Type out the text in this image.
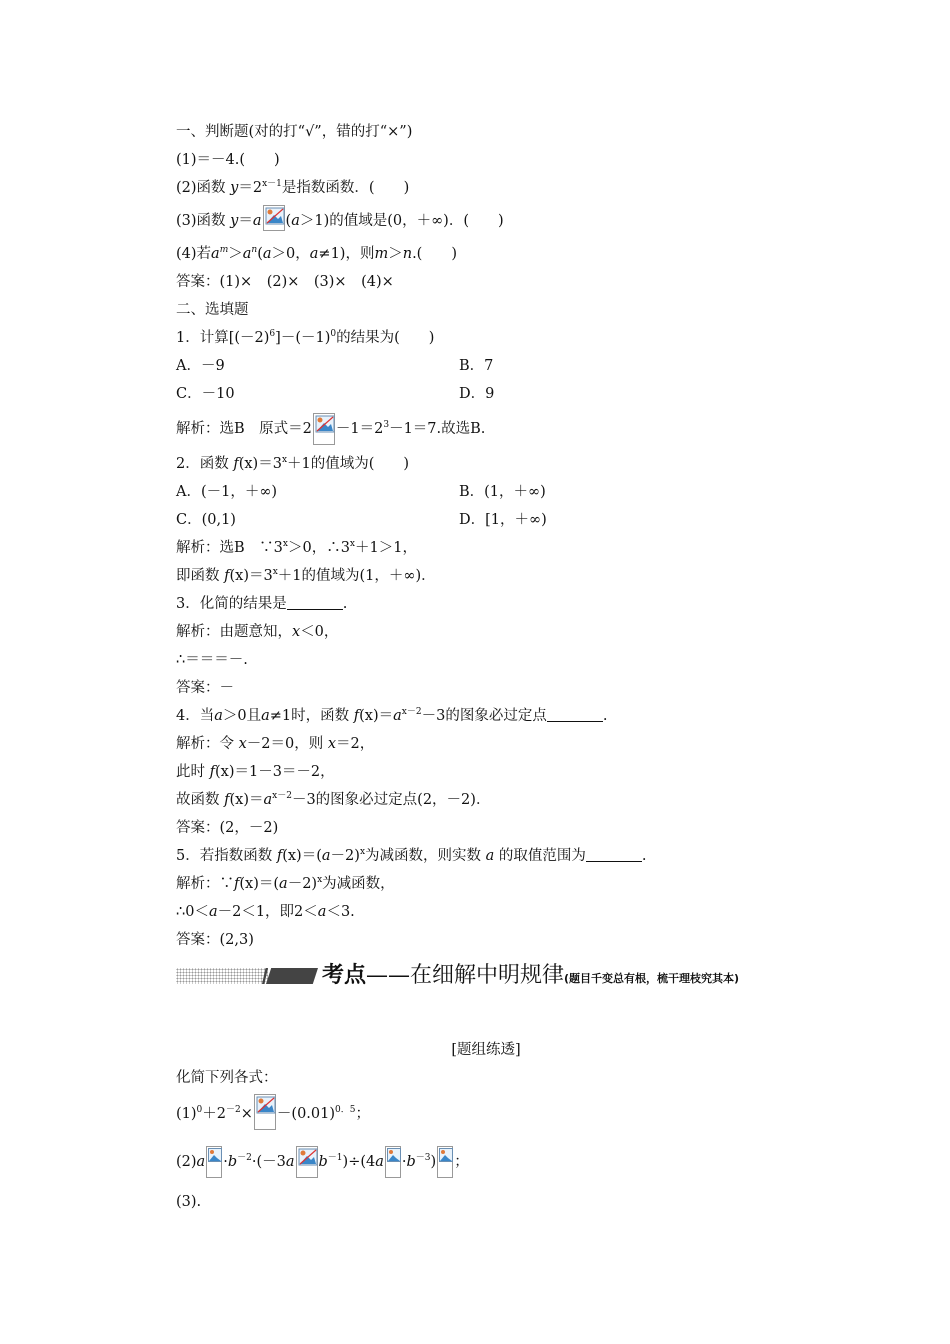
一、判断题(对的打“√”，错的打“×”)
(1)＝－4.(　　)
(2)函数 $y=2^{x-1}$是指数函数．(　　)
(3)函数 y＝a (a＞1)的值域是(0，＋∞)．(　　)
(4)若$a^m>a^n(a>0$，a≠1)，则m＞n.(　　)
答案：(1)×　(2)×　(3)×　(4)×
二、选填题
1．计算$[(-2)^6]-(-1)^0$的结果为(　　)
A．－9	B．7
C．－10	D．9
解析：选B　原式$=2 -1=2^3-1=7$.故选B.
2．函数 $f(x)=3^x+1$的值域为(　　)
A．(－1，＋∞)	B．(1，＋∞)
C．(0,1)	D．[1，＋∞)
解析：选B　$\because 3^x>0$，$\therefore 3^x+1>1$，
即函数 $f(x)=3^x+1$的值域为(1，＋∞)．
3．化简的结果是	.
解析：由题意知，x＜0，
∴＝＝＝－.
答案：－
4．当a＞0且a≠1时，函数 $f(x)=a^{x-2}-3$的图象必过定点	.
解析：令 x－2＝0，则 x＝2，
此时 f(x)＝1－3＝－2，
故函数 $f(x)=a^{x-2}-3$的图象必过定点(2，－2)．
答案：(2，－2)
5．若指数函数 $f(x)=(a-2)^x$为减函数，则实数 a 的取值范围为	.
解析：$\because f(x)=(a-2)^x$为减函数，
∴0＜a－2＜1，即2＜a＜3.
答案：(2,3)
考点——在细解中明规律(题目千变总有根，梳干理枝究其本)
[题组练透]
化简下列各式：
$(1)^0+2^{-2}\times -(0.01)^{0.5}$；
$(2)a \cdot b^{-2}\cdot(-3a$ $b^{-1})\div(4a \cdot b^{-3})$ ；
(3).
